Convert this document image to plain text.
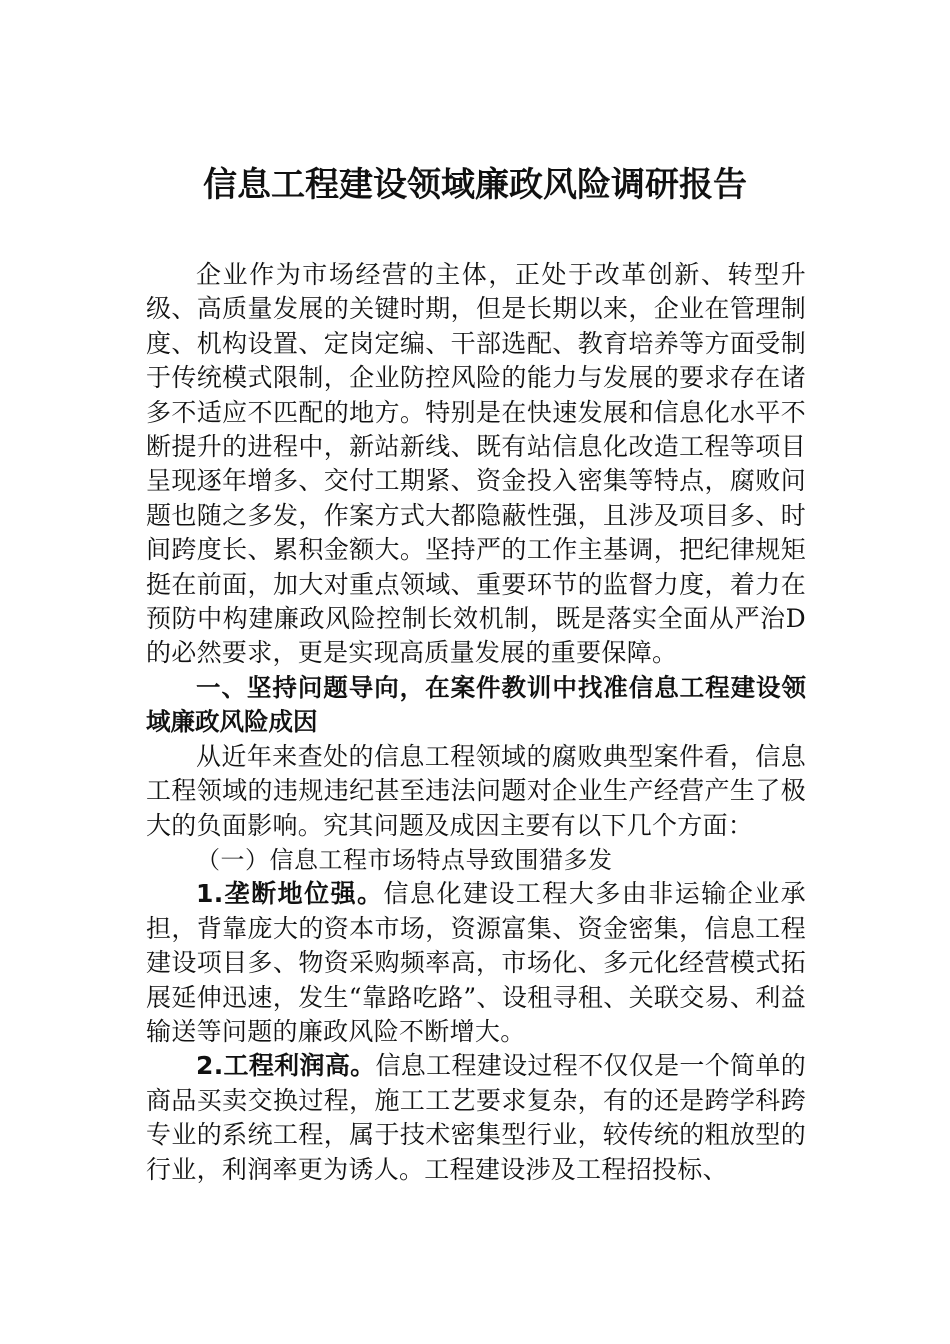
信息工程建设领域廉政风险调研报告

企业作为市场经营的主体，正处于改革创新、转型升级、高质量发展的关键时期，但是长期以来，企业在管理制度、机构设置、定岗定编、干部选配、教育培养等方面受制于传统模式限制，企业防控风险的能力与发展的要求存在诸多不适应不匹配的地方。特别是在快速发展和信息化水平不断提升的进程中，新站新线、既有站信息化改造工程等项目呈现逐年增多、交付工期紧、资金投入密集等特点，腐败问题也随之多发，作案方式大都隐蔽性强，且涉及项目多、时间跨度长、累积金额大。坚持严的工作主基调，把纪律规矩挺在前面，加大对重点领域、重要环节的监督力度，着力在预防中构建廉政风险控制长效机制，既是落实全面从严治D的必然要求，更是实现高质量发展的重要保障。

一、坚持问题导向，在案件教训中找准信息工程建设领域廉政风险成因

从近年来查处的信息工程领域的腐败典型案件看，信息工程领域的违规违纪甚至违法问题对企业生产经营产生了极大的负面影响。究其问题及成因主要有以下几个方面：

（一）信息工程市场特点导致围猎多发

1.垄断地位强。信息化建设工程大多由非运输企业承担，背靠庞大的资本市场，资源富集、资金密集，信息工程建设项目多、物资采购频率高，市场化、多元化经营模式拓展延伸迅速，发生“靠路吃路”、设租寻租、关联交易、利益输送等问题的廉政风险不断增大。

2.工程利润高。信息工程建设过程不仅仅是一个简单的商品买卖交换过程，施工工艺要求复杂，有的还是跨学科跨专业的系统工程，属于技术密集型行业，较传统的粗放型的行业，利润率更为诱人。工程建设涉及工程招投标、
